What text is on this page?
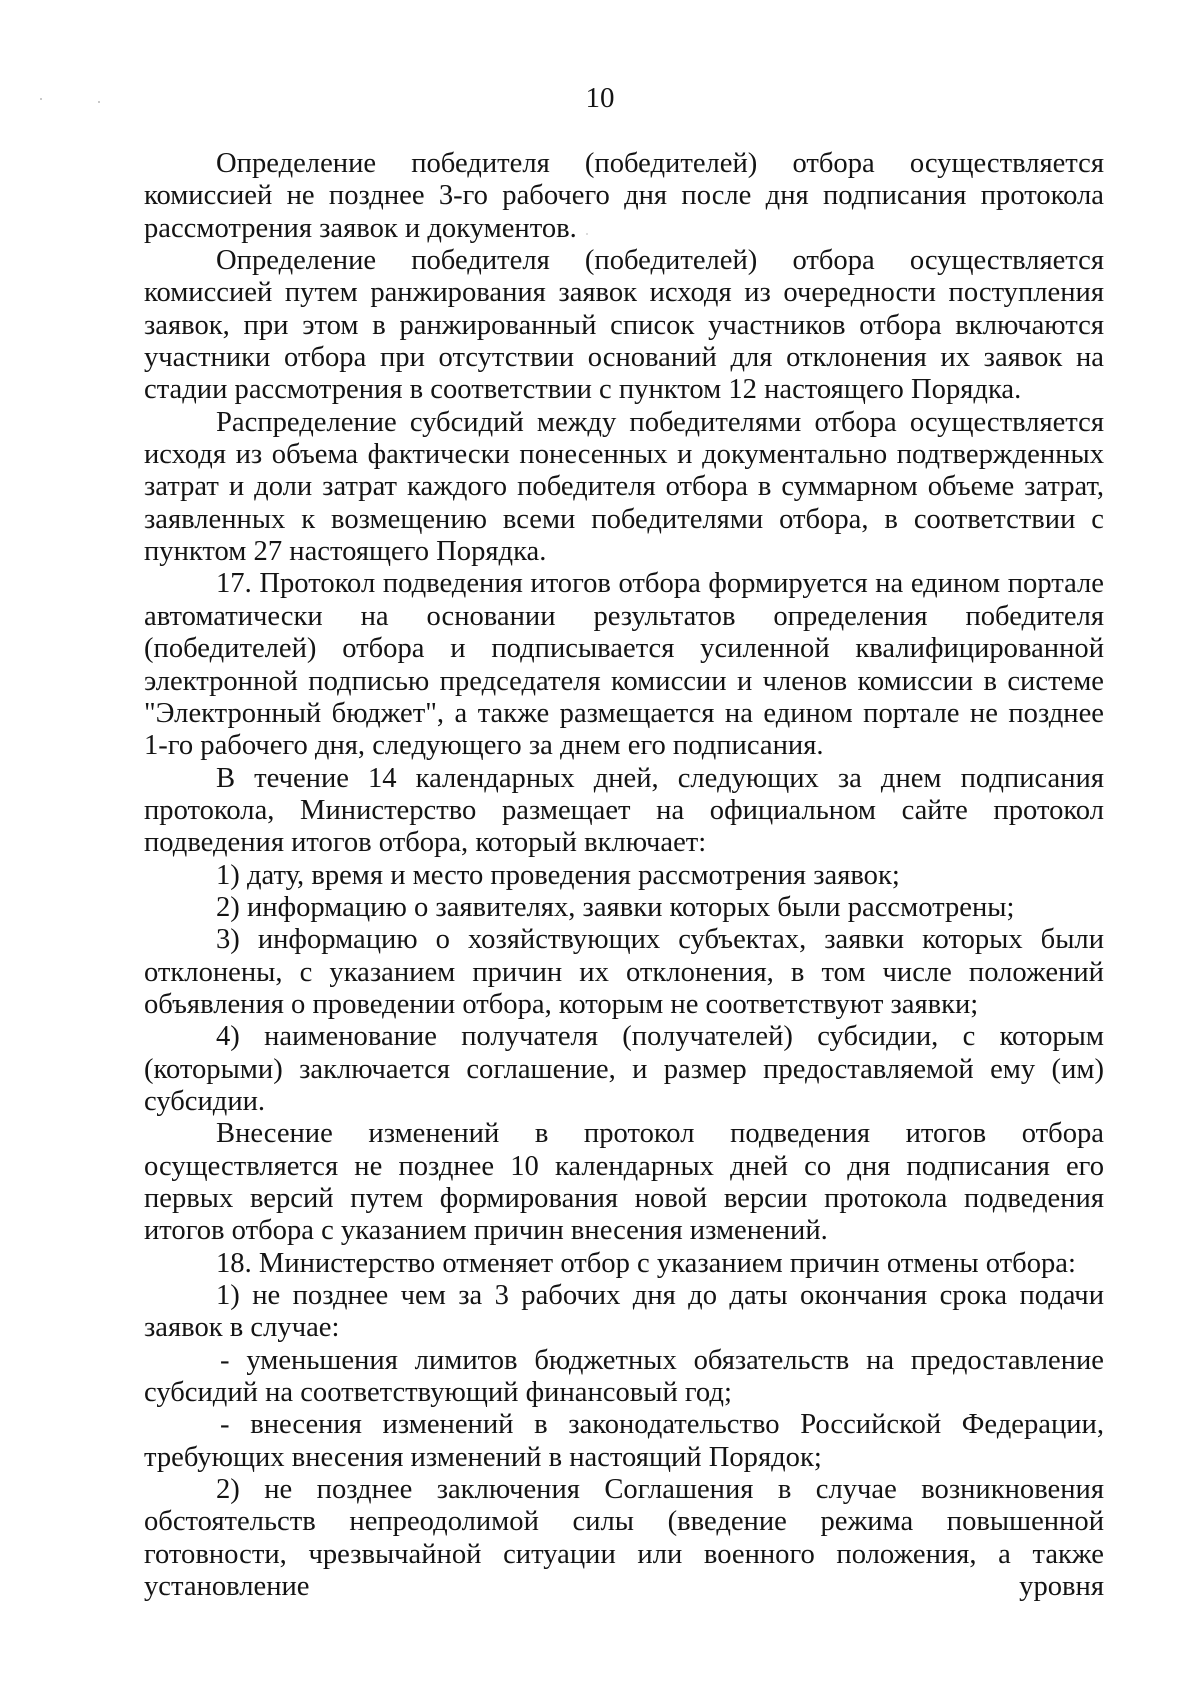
10

Определение победителя (победителей) отбора осуществляется комиссией не позднее 3-го рабочего дня после дня подписания протокола рассмотрения заявок и документов.

Определение победителя (победителей) отбора осуществляется комиссией путем ранжирования заявок исходя из очередности поступления заявок, при этом в ранжированный список участников отбора включаются участники отбора при отсутствии оснований для отклонения их заявок на стадии рассмотрения в соответствии с пунктом 12 настоящего Порядка.

Распределение субсидий между победителями отбора осуществляется исходя из объема фактически понесенных и документально подтвержденных затрат и доли затрат каждого победителя отбора в суммарном объеме затрат, заявленных к возмещению всеми победителями отбора, в соответствии с пунктом 27 настоящего Порядка.

17. Протокол подведения итогов отбора формируется на едином портале автоматически на основании результатов определения победителя (победителей) отбора и подписывается усиленной квалифицированной электронной подписью председателя комиссии и членов комиссии в системе "Электронный бюджет", а также размещается на едином портале не позднее 1-го рабочего дня, следующего за днем его подписания.

В течение 14 календарных дней, следующих за днем подписания протокола, Министерство размещает на официальном сайте протокол подведения итогов отбора, который включает:

1) дату, время и место проведения рассмотрения заявок;

2) информацию о заявителях, заявки которых были рассмотрены;

3) информацию о хозяйствующих субъектах, заявки которых были отклонены, с указанием причин их отклонения, в том числе положений объявления о проведении отбора, которым не соответствуют заявки;

4) наименование получателя (получателей) субсидии, с которым (которыми) заключается соглашение, и размер предоставляемой ему (им) субсидии.

Внесение изменений в протокол подведения итогов отбора осуществляется не позднее 10 календарных дней со дня подписания его первых версий путем формирования новой версии протокола подведения итогов отбора с указанием причин внесения изменений.

18. Министерство отменяет отбор с указанием причин отмены отбора:

1) не позднее чем за 3 рабочих дня до даты окончания срока подачи заявок в случае:

- уменьшения лимитов бюджетных обязательств на предоставление субсидий на соответствующий финансовый год;

- внесения изменений в законодательство Российской Федерации, требующих внесения изменений в настоящий Порядок;

2) не позднее заключения Соглашения в случае возникновения обстоятельств непреодолимой силы (введение режима повышенной готовности, чрезвычайной ситуации или военного положения, а также установление уровня
